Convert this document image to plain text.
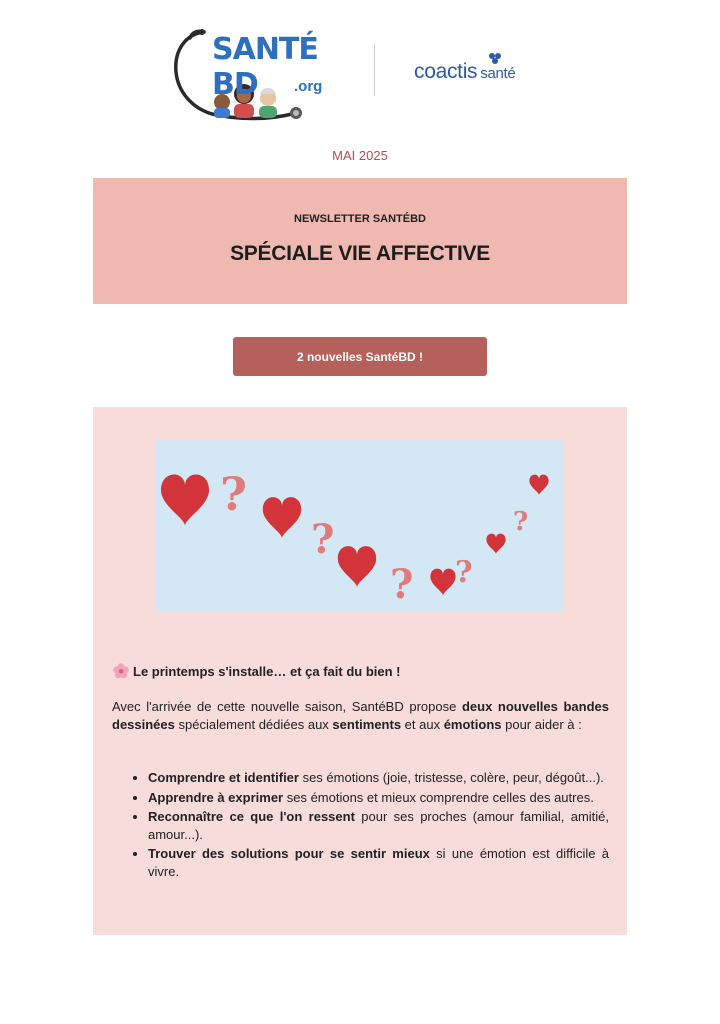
SANTÉ BD	.org
coactis santé
MAI 2025
NEWSLETTER SANTÉBD
SPÉCIALE VIE AFFECTIVE
2 nouvelles SantéBD !
?
?
? ?
?
Le printemps s'installe… et ça fait du bien !

Avec l'arrivée de cette nouvelle saison, SantéBD propose deux nouvelles bandes dessinées spécialement dédiées aux sentiments et aux émotions pour aider à :

• Comprendre et identifier ses émotions (joie, tristesse, colère, peur, dégoût...).
• Apprendre à exprimer ses émotions et mieux comprendre celles des autres.
• Reconnaître ce que l'on ressent pour ses proches (amour familial, amitié, amour...).
• Trouver des solutions pour se sentir mieux si une émotion est difficile à vivre.
